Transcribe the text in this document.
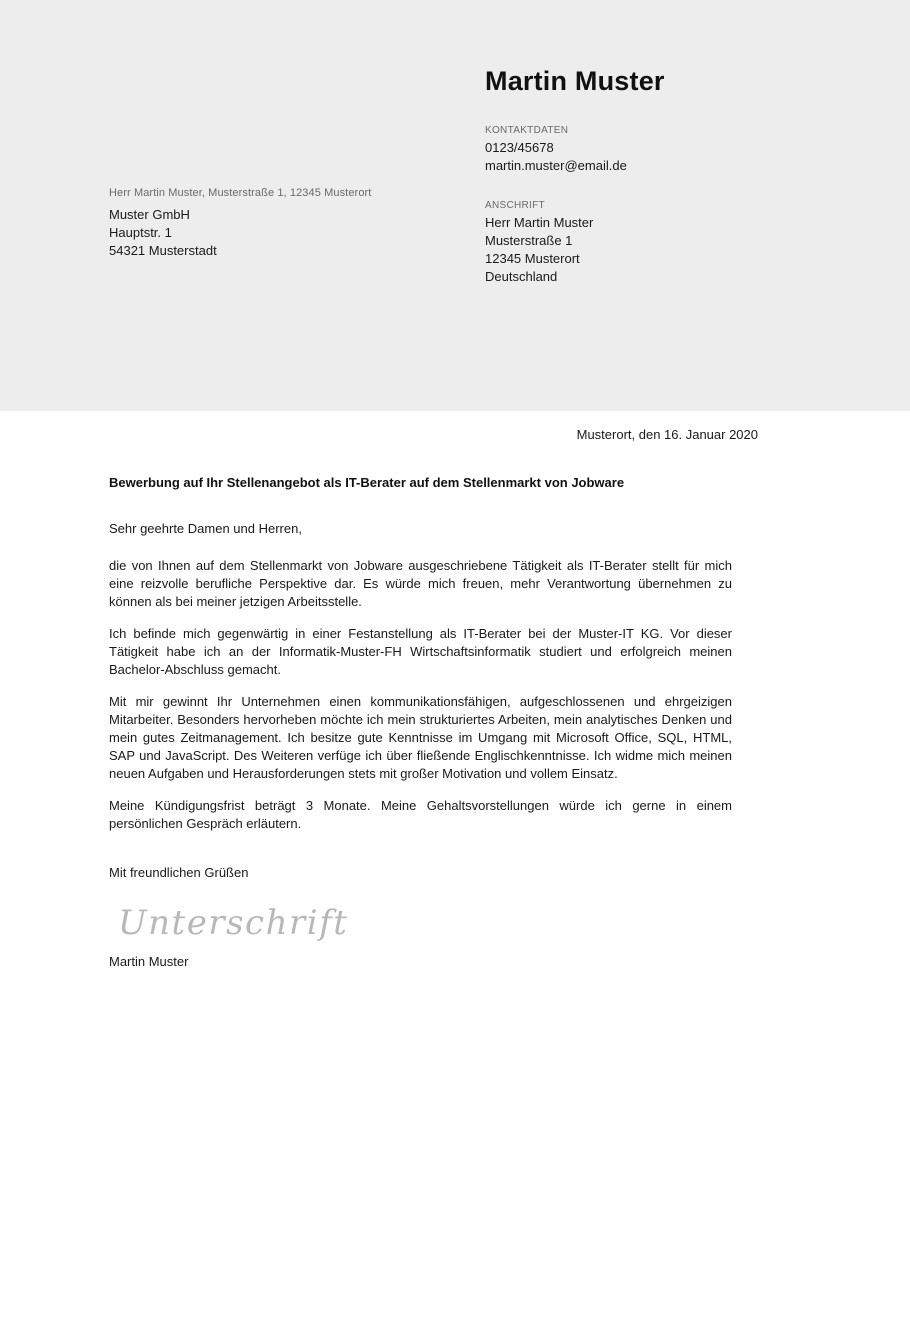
Herr Martin Muster, Musterstraße 1, 12345 Musterort
Muster GmbH
Hauptstr. 1
54321 Musterstadt
Martin Muster
KONTAKTDATEN
0123/45678
martin.muster@email.de
ANSCHRIFT
Herr Martin Muster
Musterstraße 1
12345 Musterort
Deutschland
Musterort, den 16. Januar 2020
Bewerbung auf Ihr Stellenangebot als IT-Berater auf dem Stellenmarkt von Jobware
Sehr geehrte Damen und Herren,

die von Ihnen auf dem Stellenmarkt von Jobware ausgeschriebene Tätigkeit als IT-Berater stellt für mich eine reizvolle berufliche Perspektive dar. Es würde mich freuen, mehr Verantwortung übernehmen zu können als bei meiner jetzigen Arbeitsstelle.

Ich befinde mich gegenwärtig in einer Festanstellung als IT-Berater bei der Muster-IT KG. Vor dieser Tätigkeit habe ich an der Informatik-Muster-FH Wirtschaftsinformatik studiert und erfolgreich meinen Bachelor-Abschluss gemacht.

Mit mir gewinnt Ihr Unternehmen einen kommunikationsfähigen, aufgeschlossenen und ehrgeizigen Mitarbeiter. Besonders hervorheben möchte ich mein strukturiertes Arbeiten, mein analytisches Denken und mein gutes Zeitmanagement. Ich besitze gute Kenntnisse im Umgang mit Microsoft Office, SQL, HTML, SAP und JavaScript. Des Weiteren verfüge ich über fließende Englischkenntnisse. Ich widme mich meinen neuen Aufgaben und Herausforderungen stets mit großer Motivation und vollem Einsatz.

Meine Kündigungsfrist beträgt 3 Monate. Meine Gehaltsvorstellungen würde ich gerne in einem persönlichen Gespräch erläutern.

Mit freundlichen Grüßen
Unterschrift
Martin Muster
